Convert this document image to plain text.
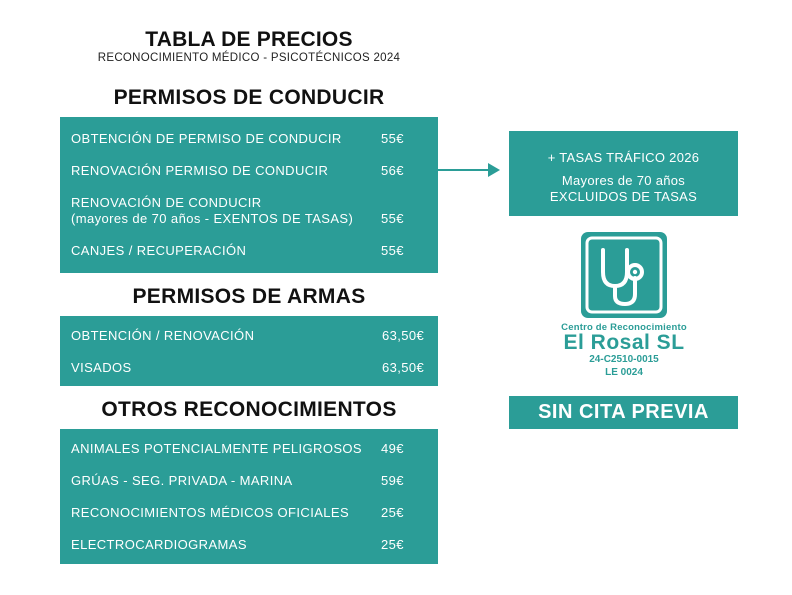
TABLA DE PRECIOS
RECONOCIMIENTO MÉDICO - PSICOTÉCNICOS 2024
PERMISOS DE CONDUCIR
OBTENCIÓN DE PERMISO DE CONDUCIR	55€
RENOVACIÓN PERMISO DE CONDUCIR	56€
RENOVACIÓN DE CONDUCIR
(mayores de 70 años - EXENTOS DE TASAS) 55€
CANJES / RECUPERACIÓN	55€
PERMISOS DE ARMAS
OBTENCIÓN / RENOVACIÓN	63,50€
VISADOS	63,50€
OTROS RECONOCIMIENTOS
ANIMALES POTENCIALMENTE PELIGROSOS 49€
GRÚAS - SEG. PRIVADA - MARINA	59€
RECONOCIMIENTOS MÉDICOS OFICIALES 25€
ELECTROCARDIOGRAMAS	25€
+ TASAS TRÁFICO 2026
Mayores de 70 años
EXCLUIDOS DE TASAS
Centro de Reconocimiento
El Rosal SL
24-C2510-0015
LE 0024
SIN CITA PREVIA
